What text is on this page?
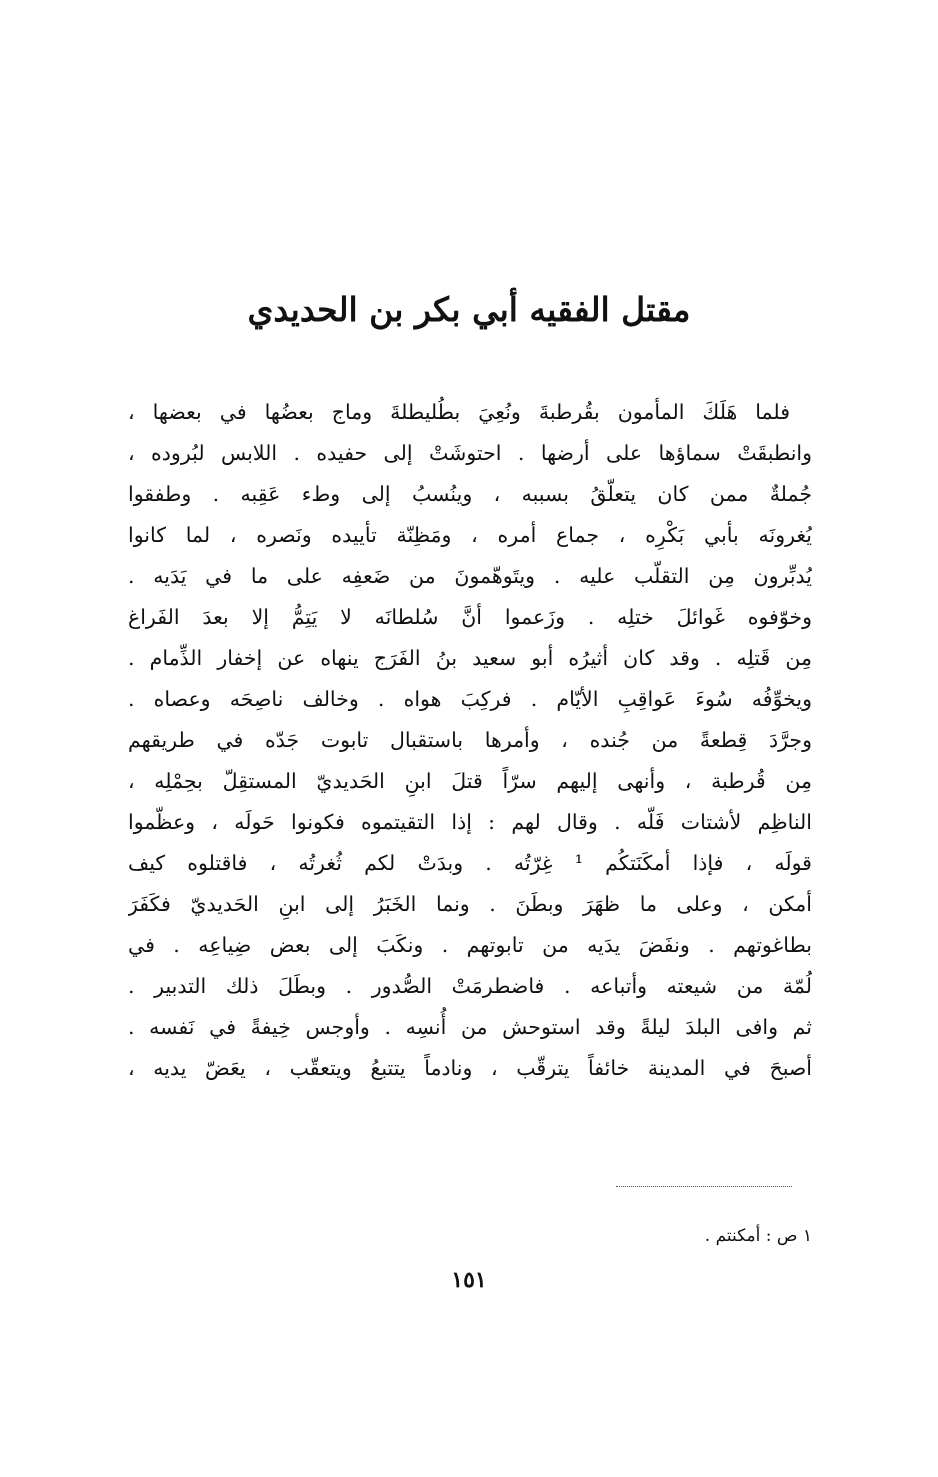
مقتل الفقيه أبي بكر بن الحديدي
فلما هَلَكَ المأمون بقُرطبةَ ونُعِيَ بطُليطلةَ وماج بعضُها في بعضها ،
وانطبقَتْ سماؤها على أرضها . احتوشَتْ إلى حفيده . اللابس لبُروده ،
جُملةٌ ممن كان يتعلّقُ بسببه ، وينُسبُ إلى وطء عَقِبه . وطفقوا
يُغرونَه بأبي بَكْرِه ، جماع أمره ، ومَظِنّة تأييده ونَصره ، لما كانوا
يُدبِّرون مِن التقلّب عليه . ويتَوهّمونَ من ضَعفِه على ما في يَدَيه .
وخوّفوه غَوائلَ ختلِه . وزَعموا أنَّ سُلطانَه لا يَتِمُّ إلا بعدَ الفَراغ
مِن قَتلِه . وقد كان أثيرُه أبو سعيد بنُ الفَرَج ينهاه عن إخفار الذِّمام .
ويخوِّفُه سُوءَ عَواقِبِ الأيّام . فركِبَ هواه . وخالف ناصِحَه وعصاه .
وجرَّدَ قِطعةً من جُنده ، وأمرها باستقبال تابوت جَدّه في طريقهم
مِن قُرطبة ، وأنهى إليهم سرّاً قتلَ ابنِ الحَديديّ المستقِلّ بحِمْلِه ،
الناظِم لأشتات فَلّه . وقال لهم : إذا التقيتموه فكونوا حَولَه ، وعظّموا
قولَه ، فإذا أمكَنَتكُم ¹ غِرّتُه . وبدَتْ لكم ثُغرتُه ، فاقتلوه كيف
أمكن ، وعلى ما ظهَرَ وبطَنَ . ونما الخَبَرُ إلى ابنِ الحَديديّ فكَفَرَ
بطاغوتهم . ونفَضَ يدَيه من تابوتهم . ونكَبَ إلى بعض ضِياعِه . في
لُمّة من شيعته وأتباعه . فاضطرمَتْ الصُّدور . وبطَلَ ذلك التدبير .
ثم وافى البلدَ ليلةً وقد استوحش من أُنسِه . وأوجس خِيفةً في نَفسه .
أصبحَ في المدينة خائفاً يترقّب ، ونادماً يتتبعُ ويتعقّب ، يعَضّ يديه ،
١ ص : أمكنتم .
١٥١
